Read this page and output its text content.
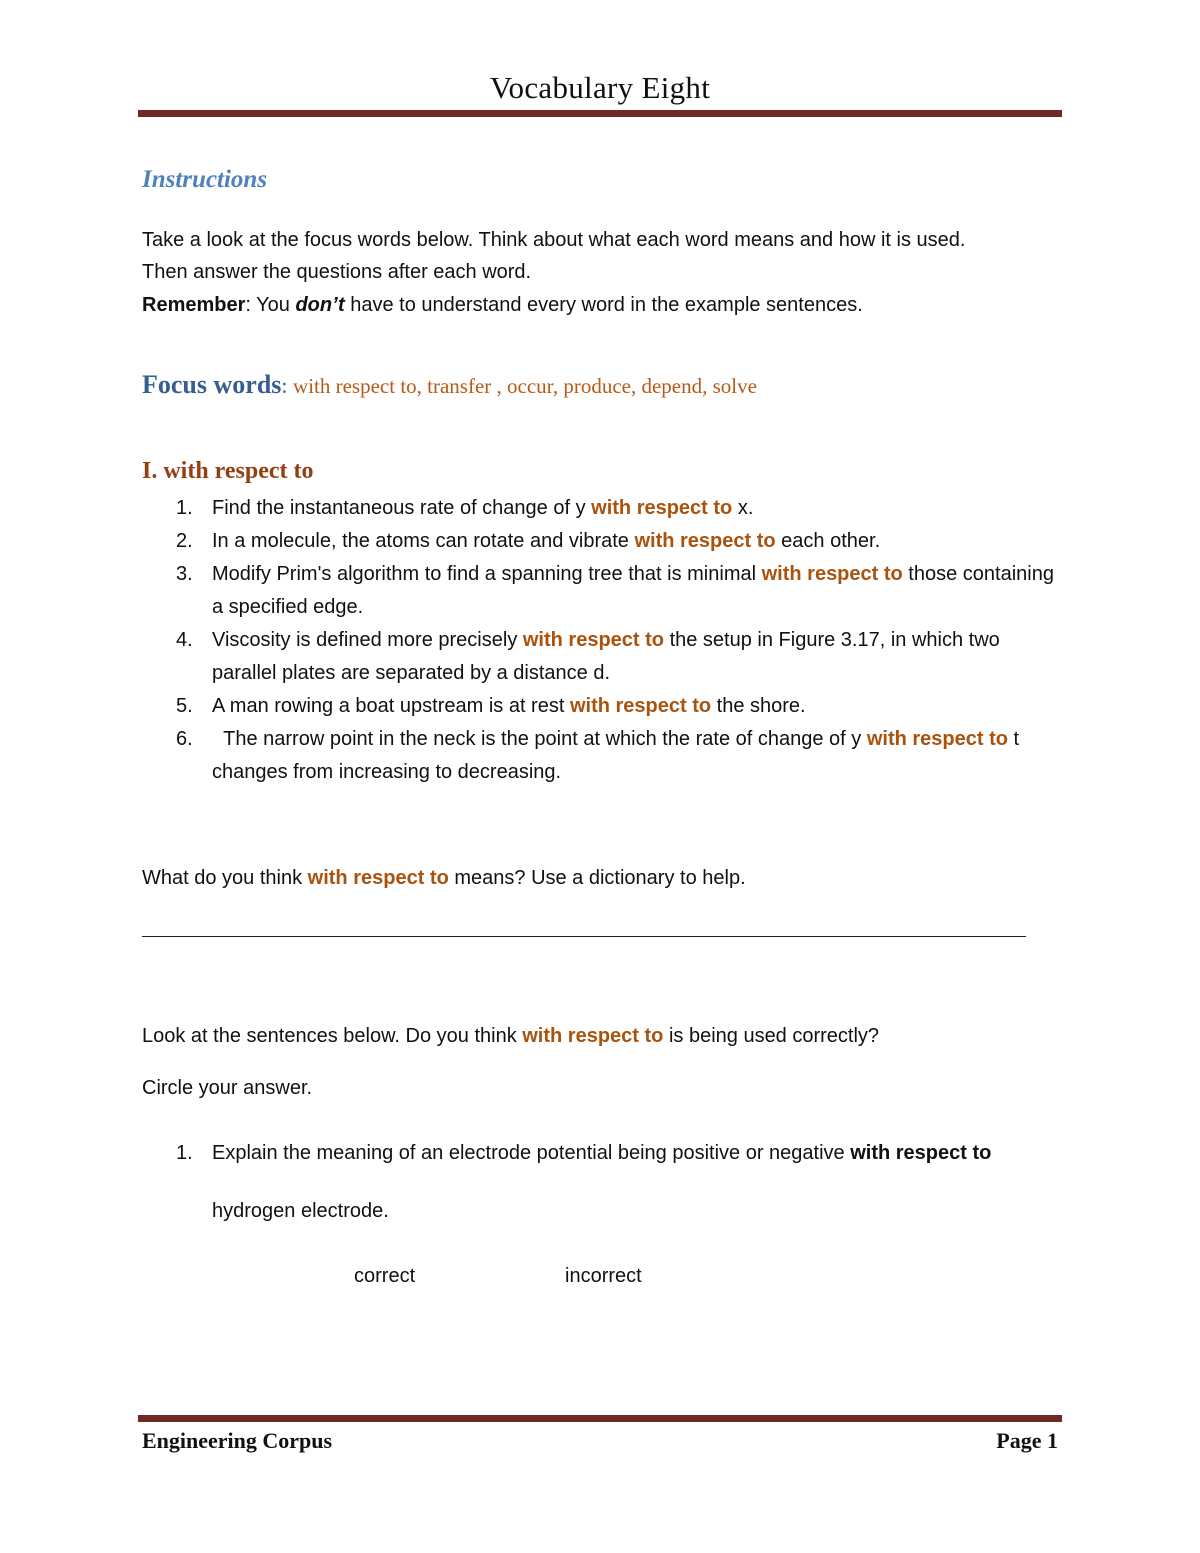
Vocabulary Eight
Instructions
Take a look at the focus words below. Think about what each word means and how it is used.
Then answer the questions after each word.
Remember: You don’t have to understand every word in the example sentences.
Focus words: with respect to, transfer , occur, produce, depend, solve
I. with respect to
1. Find the instantaneous rate of change of y with respect to x.
2. In a molecule, the atoms can rotate and vibrate with respect to each other.
3. Modify Prim's algorithm to find a spanning tree that is minimal with respect to those containing a specified edge.
4. Viscosity is defined more precisely with respect to the setup in Figure 3.17, in which two parallel plates are separated by a distance d.
5. A man rowing a boat upstream is at rest with respect to the shore.
6. The narrow point in the neck is the point at which the rate of change of y with respect to t changes from increasing to decreasing.
What do you think with respect to means? Use a dictionary to help.
Look at the sentences below. Do you think with respect to is being used correctly?
Circle your answer.
1. Explain the meaning of an electrode potential being positive or negative with respect to hydrogen electrode.
correct	incorrect
Engineering Corpus	Page 1
